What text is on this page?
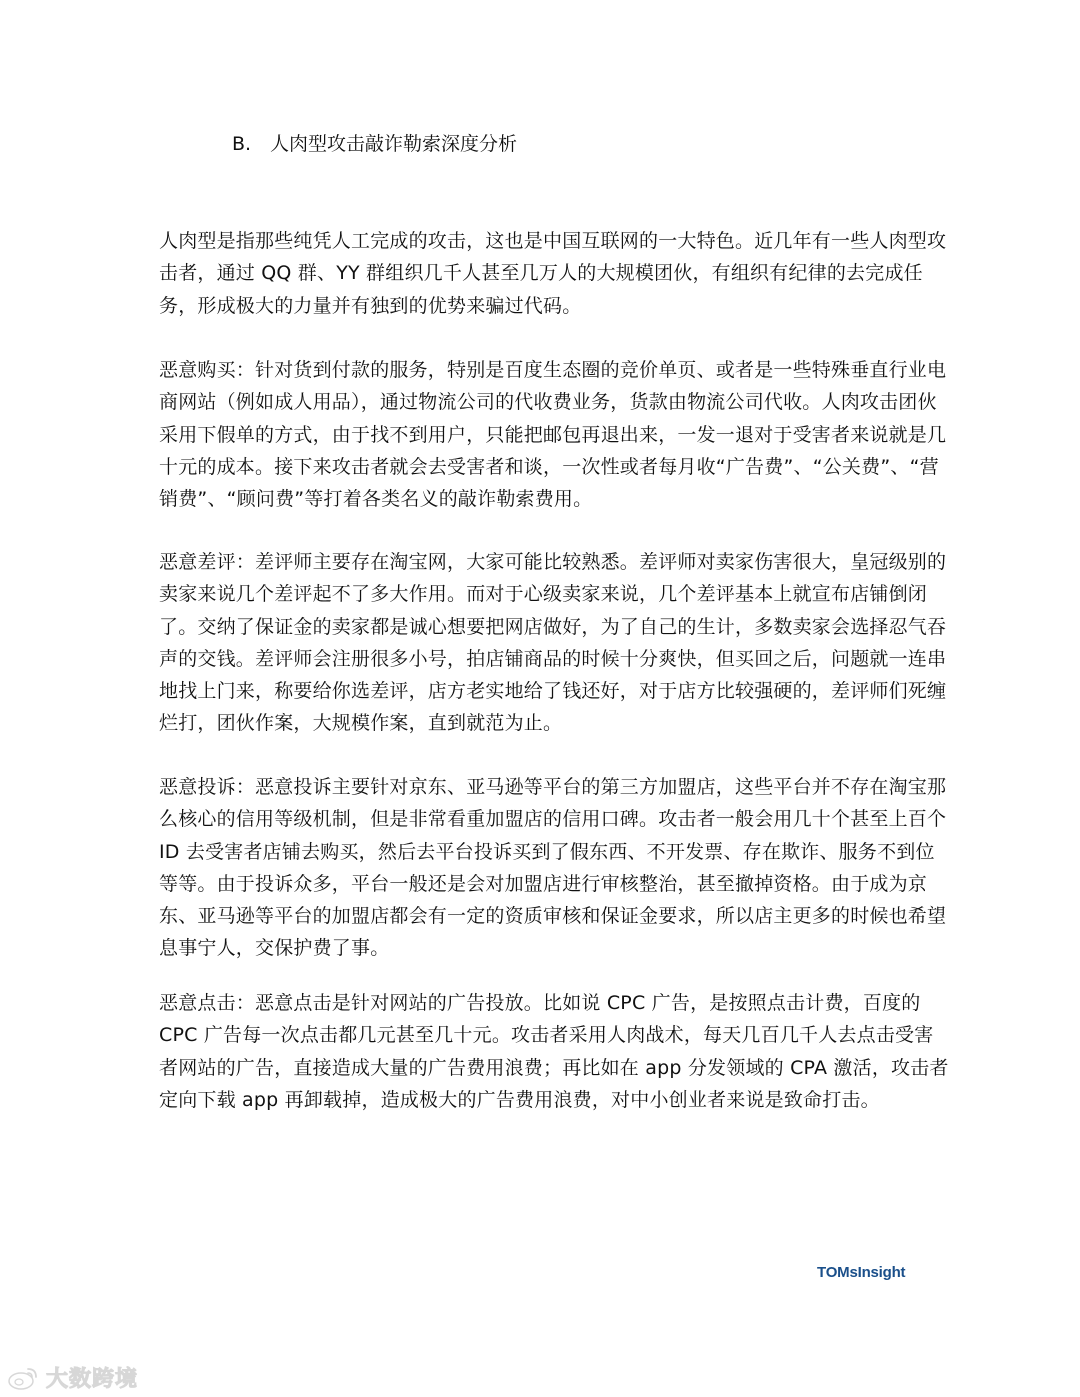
B. 人肉型攻击敲诈勒索深度分析
人肉型是指那些纯凭人工完成的攻击，这也是中国互联网的一大特色。近几年有一些人肉型攻
击者，通过 QQ 群、YY 群组织几千人甚至几万人的大规模团伙，有组织有纪律的去完成任
务，形成极大的力量并有独到的优势来骗过代码。
恶意购买：针对货到付款的服务，特别是百度生态圈的竞价单页、或者是一些特殊垂直行业电
商网站（例如成人用品），通过物流公司的代收费业务，货款由物流公司代收。人肉攻击团伙
采用下假单的方式，由于找不到用户，只能把邮包再退出来，一发一退对于受害者来说就是几
十元的成本。接下来攻击者就会去受害者和谈，一次性或者每月收“广告费”、“公关费”、“营
销费”、“顾问费”等打着各类名义的敲诈勒索费用。
恶意差评：差评师主要存在淘宝网，大家可能比较熟悉。差评师对卖家伤害很大，皇冠级别的
卖家来说几个差评起不了多大作用。而对于心级卖家来说，几个差评基本上就宣布店铺倒闭
了。交纳了保证金的卖家都是诚心想要把网店做好，为了自己的生计，多数卖家会选择忍气吞
声的交钱。差评师会注册很多小号，拍店铺商品的时候十分爽快，但买回之后，问题就一连串
地找上门来，称要给你选差评，店方老实地给了钱还好，对于店方比较强硬的，差评师们死缠
烂打，团伙作案，大规模作案，直到就范为止。
恶意投诉：恶意投诉主要针对京东、亚马逊等平台的第三方加盟店，这些平台并不存在淘宝那
么核心的信用等级机制，但是非常看重加盟店的信用口碑。攻击者一般会用几十个甚至上百个
ID 去受害者店铺去购买，然后去平台投诉买到了假东西、不开发票、存在欺诈、服务不到位
等等。由于投诉众多，平台一般还是会对加盟店进行审核整治，甚至撤掉资格。由于成为京
东、亚马逊等平台的加盟店都会有一定的资质审核和保证金要求，所以店主更多的时候也希望
息事宁人，交保护费了事。
恶意点击：恶意点击是针对网站的广告投放。比如说 CPC 广告，是按照点击计费，百度的
CPC 广告每一次点击都几元甚至几十元。攻击者采用人肉战术，每天几百几千人去点击受害
者网站的广告，直接造成大量的广告费用浪费；再比如在 app 分发领域的 CPA 激活，攻击者
定向下载 app 再卸载掉，造成极大的广告费用浪费，对中小创业者来说是致命打击。
TOMsInsight
大数跨境
